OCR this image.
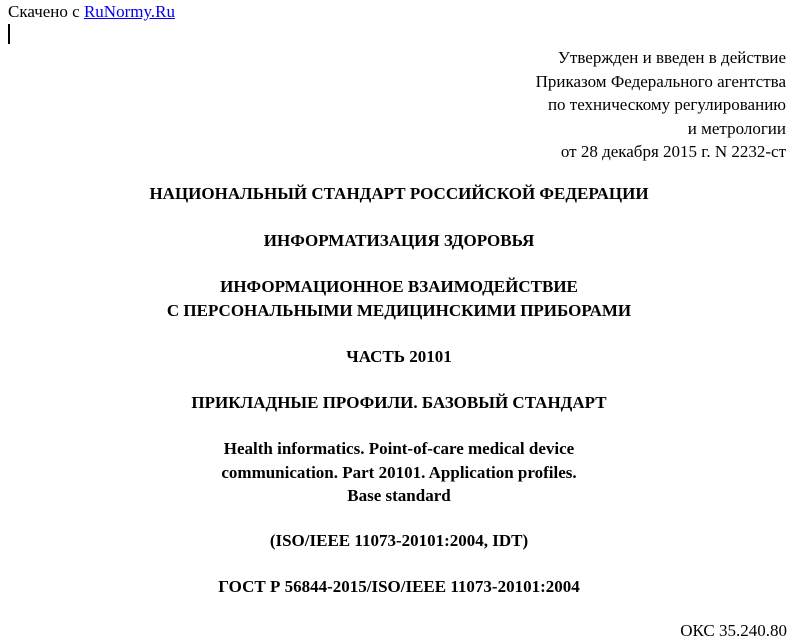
Скачено с RuNormy.Ru
Утвержден и введен в действие
Приказом Федерального агентства
по техническому регулированию
и метрологии
от 28 декабря 2015 г. N 2232-ст
НАЦИОНАЛЬНЫЙ СТАНДАРТ РОССИЙСКОЙ ФЕДЕРАЦИИ
ИНФОРМАТИЗАЦИЯ ЗДОРОВЬЯ
ИНФОРМАЦИОННОЕ ВЗАИМОДЕЙСТВИЕ
С ПЕРСОНАЛЬНЫМИ МЕДИЦИНСКИМИ ПРИБОРАМИ
ЧАСТЬ 20101
ПРИКЛАДНЫЕ ПРОФИЛИ. БАЗОВЫЙ СТАНДАРТ
Health informatics. Point-of-care medical device
communication. Part 20101. Application profiles.
Base standard
(ISO/IEEE 11073-20101:2004, IDT)
ГОСТ Р 56844-2015/ISO/IEEE 11073-20101:2004
ОКС 35.240.80
